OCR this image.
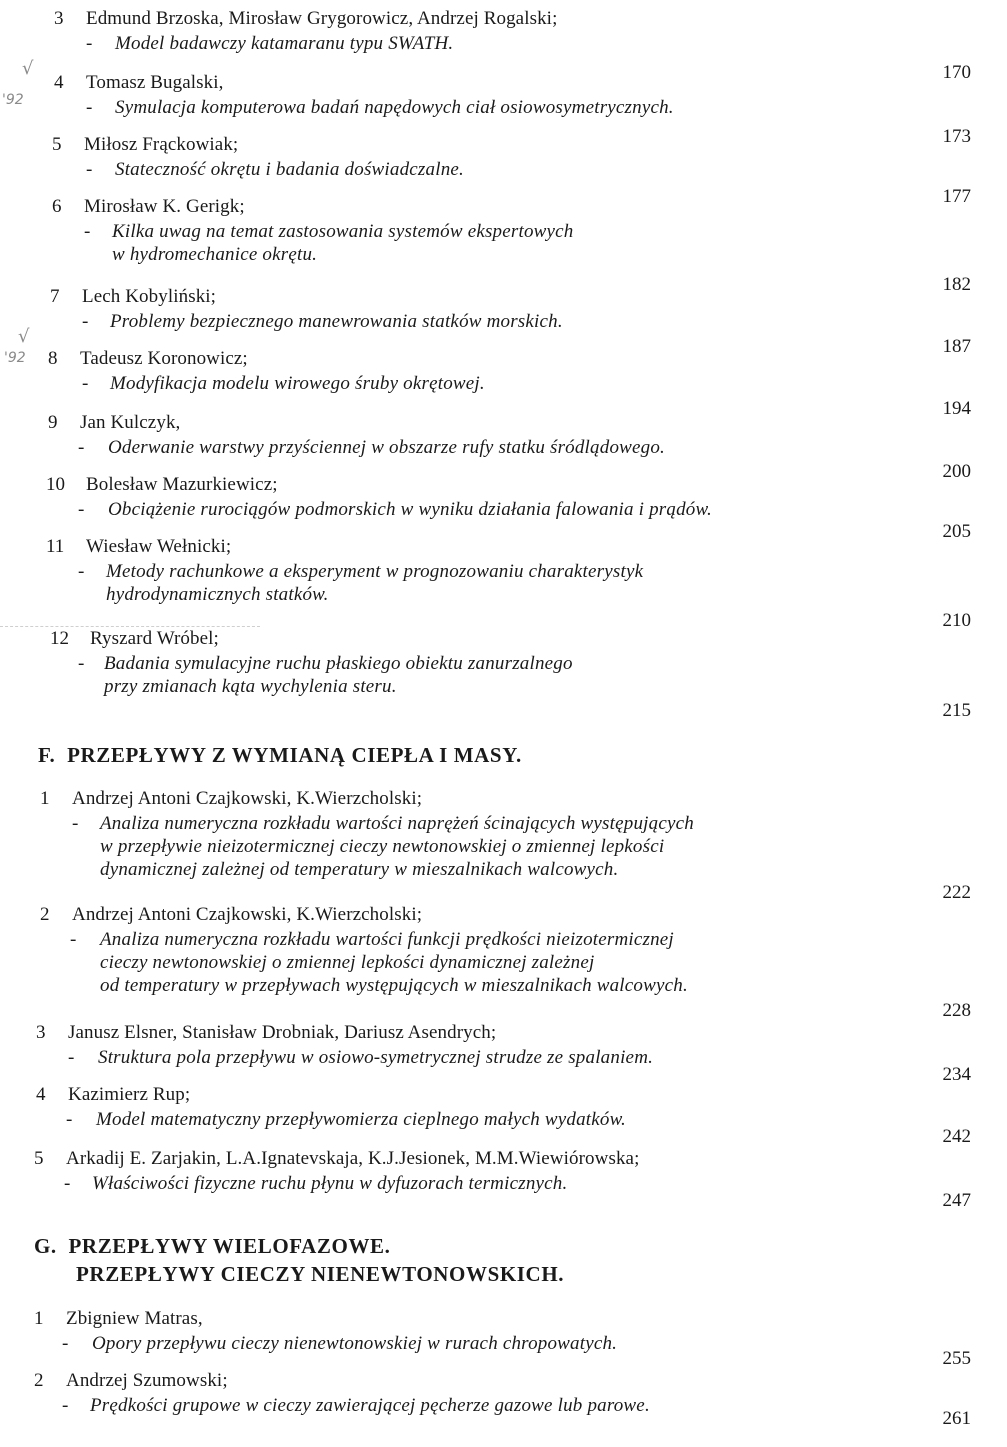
√
'92
√
'92
3 Edmund Brzoska, Mirosław Grygorowicz, Andrzej Rogalski;
- Model badawczy katamaranu typu SWATH.
170
4 Tomasz Bugalski,
- Symulacja komputerowa badań napędowych ciał osiowosymetrycznych.
173
5 Miłosz Frąckowiak;
- Stateczność okrętu i badania doświadczalne.
177
6 Mirosław K. Gerigk;
- Kilka uwag na temat zastosowania systemów ekspertowych
w hydromechanice okrętu.
182
7 Lech Kobyliński;
- Problemy bezpiecznego manewrowania statków morskich.
187
8 Tadeusz Koronowicz;
- Modyfikacja modelu wirowego śruby okrętowej.
194
9 Jan Kulczyk,
- Oderwanie warstwy przyściennej w obszarze rufy statku śródlądowego.
200
10 Bolesław Mazurkiewicz;
- Obciążenie rurociągów podmorskich w wyniku działania falowania i prądów.
205
11 Wiesław Wełnicki;
- Metody rachunkowe a eksperyment w prognozowaniu charakterystyk
hydrodynamicznych statków.
210
12 Ryszard Wróbel;
- Badania symulacyjne ruchu płaskiego obiektu zanurzalnego
przy zmianach kąta wychylenia steru.
215
F. PRZEPŁYWY Z WYMIANĄ CIEPŁA I MASY.
1 Andrzej Antoni Czajkowski, K.Wierzcholski;
- Analiza numeryczna rozkładu wartości naprężeń ścinających występujących
w przepływie nieizotermicznej cieczy newtonowskiej o zmiennej lepkości
dynamicznej zależnej od temperatury w mieszalnikach walcowych.
222
2 Andrzej Antoni Czajkowski, K.Wierzcholski;
- Analiza numeryczna rozkładu wartości funkcji prędkości nieizotermicznej
cieczy newtonowskiej o zmiennej lepkości dynamicznej zależnej
od temperatury w przepływach występujących w mieszalnikach walcowych.
228
3 Janusz Elsner, Stanisław Drobniak, Dariusz Asendrych;
- Struktura pola przepływu w osiowo-symetrycznej strudze ze spalaniem.
234
4 Kazimierz Rup;
- Model matematyczny przepływomierza cieplnego małych wydatków.
242
5 Arkadij E. Zarjakin, L.A.Ignatevskaja, K.J.Jesionek, M.M.Wiewiórowska;
- Właściwości fizyczne ruchu płynu w dyfuzorach termicznych.
247
G. PRZEPŁYWY WIELOFAZOWE.
PRZEPŁYWY CIECZY NIENEWTONOWSKICH.
1 Zbigniew Matras,
- Opory przepływu cieczy nienewtonowskiej w rurach chropowatych.
255
2 Andrzej Szumowski;
- Prędkości grupowe w cieczy zawierającej pęcherze gazowe lub parowe.
261
